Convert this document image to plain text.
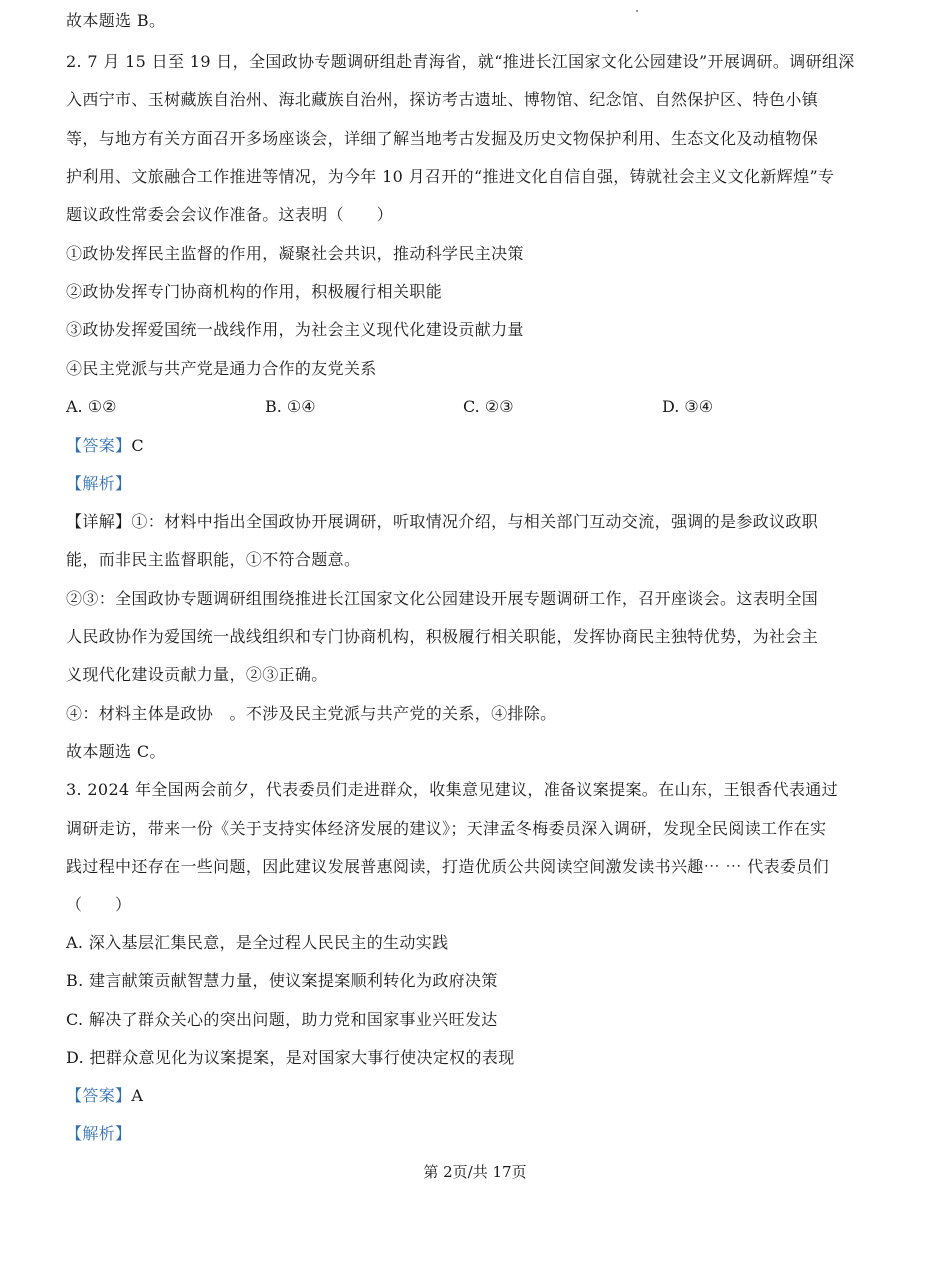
故本题选 B。

2. 7 月 15 日至 19 日，全国政协专题调研组赴青海省，就“推进长江国家文化公园建设”开展调研。调研组深

入西宁市、玉树藏族自治州、海北藏族自治州，探访考古遗址、博物馆、纪念馆、自然保护区、特色小镇

等，与地方有关方面召开多场座谈会，详细了解当地考古发掘及历史文物保护利用、生态文化及动植物保

护利用、文旅融合工作推进等情况，为今年 10 月召开的“推进文化自信自强，铸就社会主义文化新辉煌”专

题议政性常委会会议作准备。这表明（　　）

①政协发挥民主监督的作用，凝聚社会共识，推动科学民主决策

②政协发挥专门协商机构的作用，积极履行相关职能

③政协发挥爱国统一战线作用，为社会主义现代化建设贡献力量

④民主党派与共产党是通力合作的友党关系

A. ①②	B. ①④	C. ②③	D. ③④

【答案】C

【解析】

【详解】①：材料中指出全国政协开展调研，听取情况介绍，与相关部门互动交流，强调的是参政议政职

能，而非民主监督职能，①不符合题意。

②③：全国政协专题调研组围绕推进长江国家文化公园建设开展专题调研工作，召开座谈会。这表明全国

人民政协作为爱国统一战线组织和专门协商机构，积极履行相关职能，发挥协商民主独特优势，为社会主

义现代化建设贡献力量，②③正确。

④：材料主体是政协　。不涉及民主党派与共产党的关系，④排除。

故本题选 C。

3. 2024 年全国两会前夕，代表委员们走进群众，收集意见建议，准备议案提案。在山东，王银香代表通过

调研走访，带来一份《关于支持实体经济发展的建议》；天津孟冬梅委员深入调研，发现全民阅读工作在实

践过程中还存在一些问题，因此建议发展普惠阅读，打造优质公共阅读空间激发读书兴趣⋯ ⋯ 代表委员们

（　　）

A. 深入基层汇集民意，是全过程人民民主的生动实践

B. 建言献策贡献智慧力量，使议案提案顺利转化为政府决策

C. 解决了群众关心的突出问题，助力党和国家事业兴旺发达

D. 把群众意见化为议案提案，是对国家大事行使决定权的表现

【答案】A

【解析】

第 2页/共 17页
